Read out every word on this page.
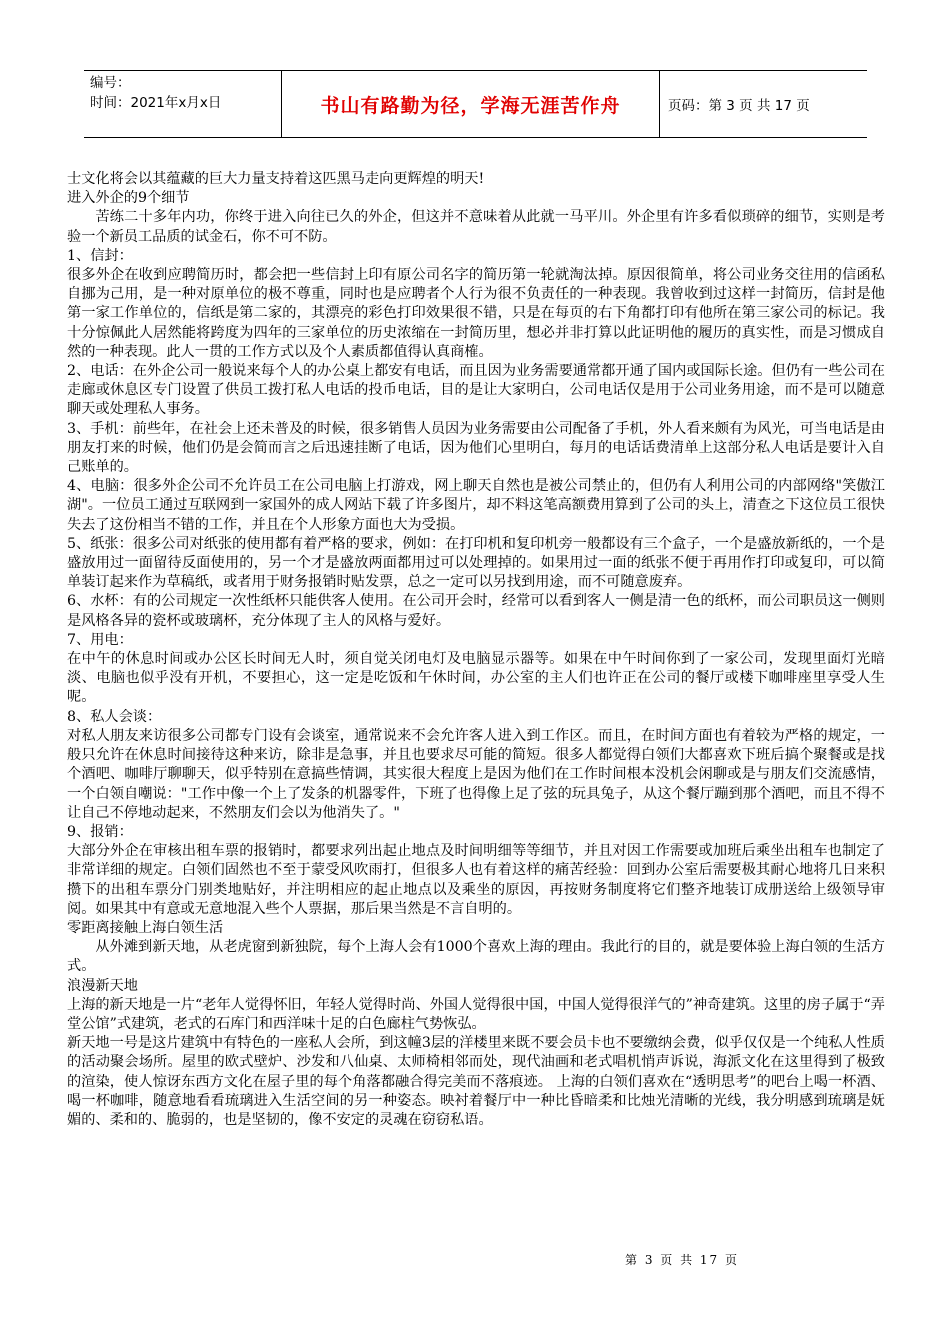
编号：
时间：2021年x月x日	书山有路勤为径，学海无涯苦作舟	页码：第 3 页 共 17 页

士文化将会以其蕴藏的巨大力量支持着这匹黑马走向更辉煌的明天!

进入外企的9个细节

苦练二十多年内功，你终于进入向往已久的外企，但这并不意味着从此就一马平川。外企里有许多看似琐碎的细节，实则是考验一个新员工品质的试金石，你不可不防。

1、信封：

很多外企在收到应聘简历时，都会把一些信封上印有原公司名字的简历第一轮就淘汰掉。原因很简单，将公司业务交往用的信函私自挪为己用，是一种对原单位的极不尊重，同时也是应聘者个人行为很不负责任的一种表现。我曾收到过这样一封简历，信封是他第一家工作单位的，信纸是第二家的，其漂亮的彩色打印效果很不错，只是在每页的右下角都打印有他所在第三家公司的标记。我十分惊佩此人居然能将跨度为四年的三家单位的历史浓缩在一封简历里，想必并非打算以此证明他的履历的真实性，而是习惯成自然的一种表现。此人一贯的工作方式以及个人素质都值得认真商榷。

2、电话：在外企公司一般说来每个人的办公桌上都安有电话，而且因为业务需要通常都开通了国内或国际长途。但仍有一些公司在走廊或休息区专门设置了供员工拨打私人电话的投币电话，目的是让大家明白，公司电话仅是用于公司业务用途，而不是可以随意聊天或处理私人事务。

3、手机：前些年，在社会上还未普及的时候，很多销售人员因为业务需要由公司配备了手机，外人看来颇有为风光，可当电话是由朋友打来的时候，他们仍是会简而言之后迅速挂断了电话，因为他们心里明白，每月的电话话费清单上这部分私人电话是要计入自己账单的。

4、电脑：很多外企公司不允许员工在公司电脑上打游戏，网上聊天自然也是被公司禁止的，但仍有人利用公司的内部网络"笑傲江湖"。一位员工通过互联网到一家国外的成人网站下载了许多图片，却不料这笔高额费用算到了公司的头上，清查之下这位员工很快失去了这份相当不错的工作，并且在个人形象方面也大为受损。

5、纸张：很多公司对纸张的使用都有着严格的要求，例如：在打印机和复印机旁一般都设有三个盒子，一个是盛放新纸的，一个是盛放用过一面留待反面使用的，另一个才是盛放两面都用过可以处理掉的。如果用过一面的纸张不便于再用作打印或复印，可以简单装订起来作为草稿纸，或者用于财务报销时贴发票，总之一定可以另找到用途，而不可随意废弃。

6、水杯：有的公司规定一次性纸杯只能供客人使用。在公司开会时，经常可以看到客人一侧是清一色的纸杯，而公司职员这一侧则是风格各异的瓷杯或玻璃杯，充分体现了主人的风格与爱好。

7、用电：

在中午的休息时间或办公区长时间无人时，须自觉关闭电灯及电脑显示器等。如果在中午时间你到了一家公司，发现里面灯光暗淡、电脑也似乎没有开机，不要担心，这一定是吃饭和午休时间，办公室的主人们也许正在公司的餐厅或楼下咖啡座里享受人生呢。

8、私人会谈：

对私人朋友来访很多公司都专门设有会谈室，通常说来不会允许客人进入到工作区。而且，在时间方面也有着较为严格的规定，一般只允许在休息时间接待这种来访，除非是急事，并且也要求尽可能的简短。很多人都觉得白领们大都喜欢下班后搞个聚餐或是找个酒吧、咖啡厅聊聊天，似乎特别在意搞些情调，其实很大程度上是因为他们在工作时间根本没机会闲聊或是与朋友们交流感情，一个白领自嘲说："工作中像一个上了发条的机器零件，下班了也得像上足了弦的玩具兔子，从这个餐厅蹦到那个酒吧，而且不得不让自己不停地动起来，不然朋友们会以为他消失了。"

9、报销：

大部分外企在审核出租车票的报销时，都要求列出起止地点及时间明细等等细节，并且对因工作需要或加班后乘坐出租车也制定了非常详细的规定。白领们固然也不至于蒙受风吹雨打，但很多人也有着这样的痛苦经验：回到办公室后需要极其耐心地将几日来积攒下的出租车票分门别类地贴好，并注明相应的起止地点以及乘坐的原因，再按财务制度将它们整齐地装订成册送给上级领导审阅。如果其中有意或无意地混入些个人票据，那后果当然是不言自明的。

零距离接触上海白领生活

从外滩到新天地，从老虎窗到新独院，每个上海人会有1000个喜欢上海的理由。我此行的目的，就是要体验上海白领的生活方式。

浪漫新天地

上海的新天地是一片“老年人觉得怀旧，年轻人觉得时尚、外国人觉得很中国，中国人觉得很洋气的”神奇建筑。这里的房子属于“弄堂公馆”式建筑，老式的石库门和西洋味十足的白色廊柱气势恢弘。

新天地一号是这片建筑中有特色的一座私人会所，到这幢3层的洋楼里来既不要会员卡也不要缴纳会费，似乎仅仅是一个纯私人性质的活动聚会场所。屋里的欧式壁炉、沙发和八仙桌、太师椅相邻而处，现代油画和老式唱机悄声诉说，海派文化在这里得到了极致的渲染，使人惊讶东西方文化在屋子里的每个角落都融合得完美而不落痕迹。 上海的白领们喜欢在“透明思考”的吧台上喝一杯酒、喝一杯咖啡，随意地看看琉璃进入生活空间的另一种姿态。映衬着餐厅中一种比昏暗柔和比烛光清晰的光线，我分明感到琉璃是妩媚的、柔和的、脆弱的，也是坚韧的，像不安定的灵魂在窃窃私语。

第 3 页 共 17 页
